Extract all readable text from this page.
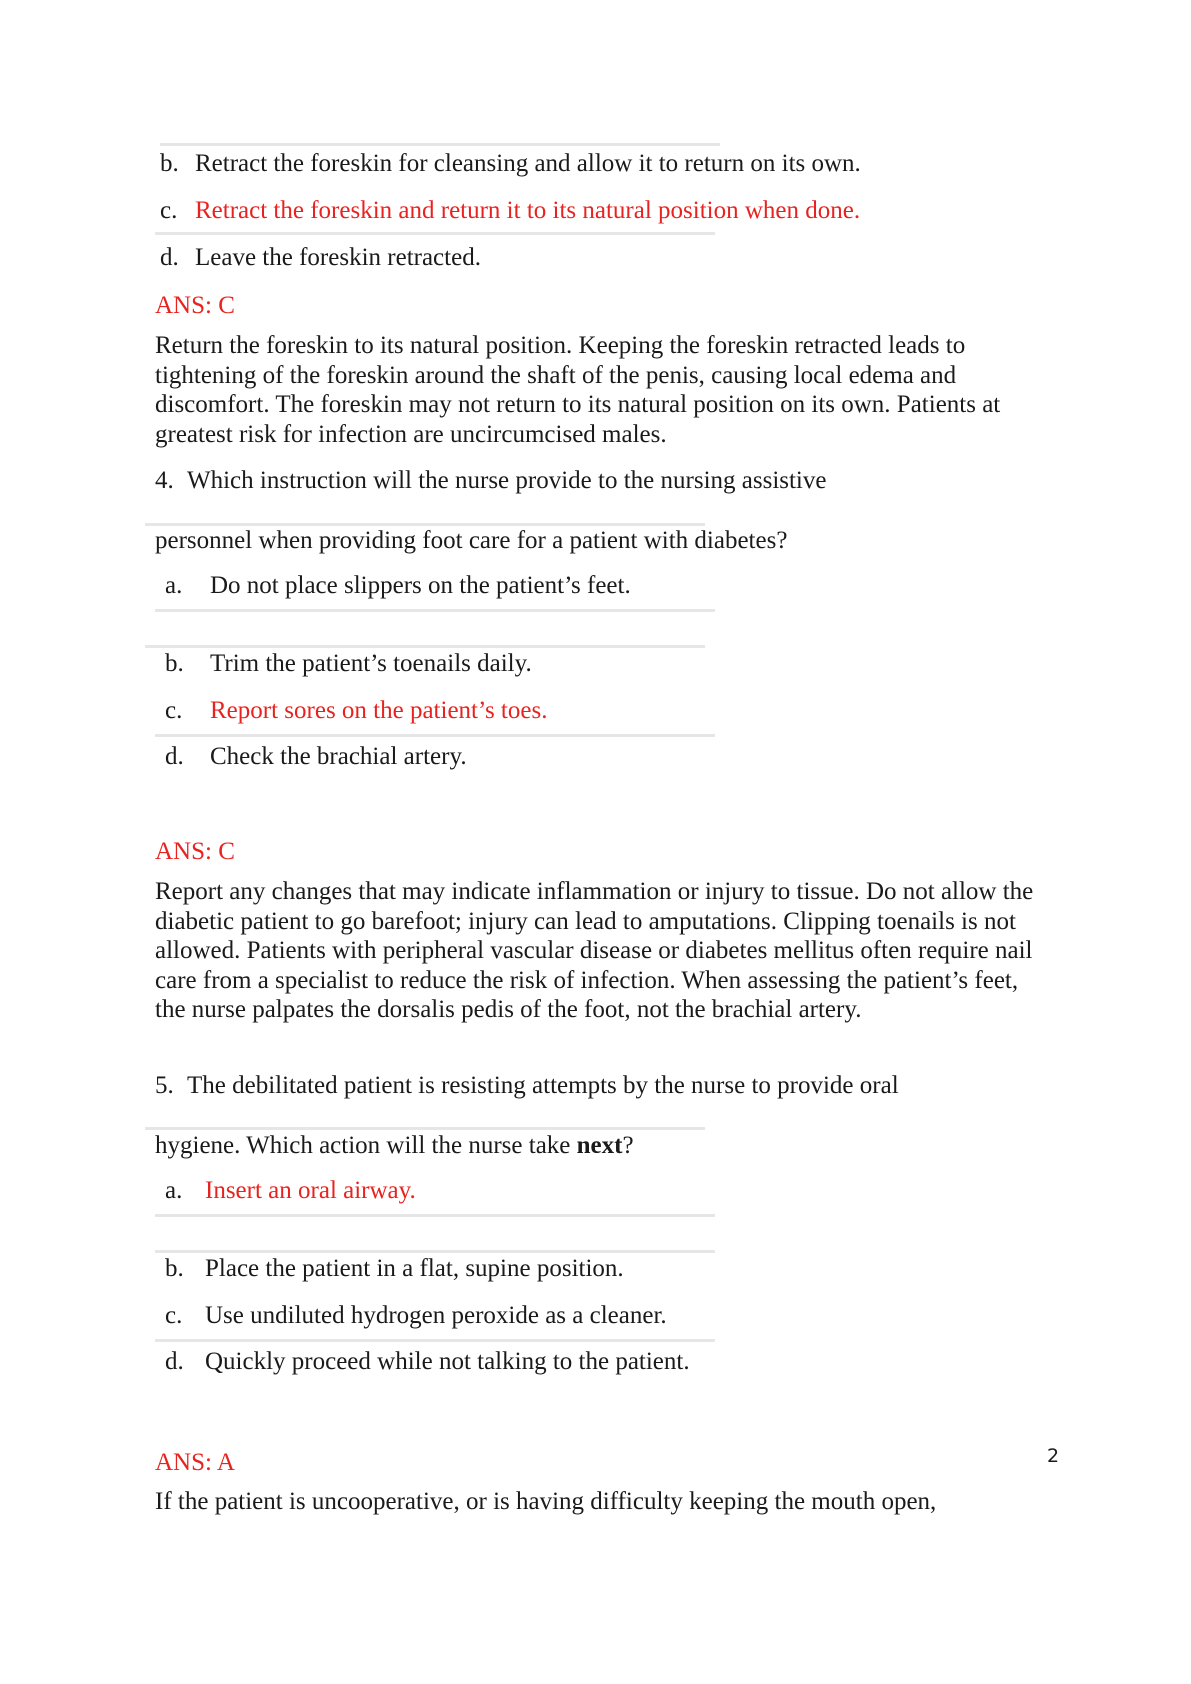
b. Retract the foreskin for cleansing and allow it to return on its own.
c. Retract the foreskin and return it to its natural position when done.
d. Leave the foreskin retracted.
ANS: C
Return the foreskin to its natural position. Keeping the foreskin retracted leads to tightening of the foreskin around the shaft of the penis, causing local edema and discomfort. The foreskin may not return to its natural position on its own. Patients at greatest risk for infection are uncircumcised males.
4. Which instruction will the nurse provide to the nursing assistive
personnel when providing foot care for a patient with diabetes?
a. Do not place slippers on the patient’s feet.
b. Trim the patient’s toenails daily.
c. Report sores on the patient’s toes.
d. Check the brachial artery.
ANS: C
Report any changes that may indicate inflammation or injury to tissue. Do not allow the diabetic patient to go barefoot; injury can lead to amputations. Clipping toenails is not allowed. Patients with peripheral vascular disease or diabetes mellitus often require nail care from a specialist to reduce the risk of infection. When assessing the patient’s feet, the nurse palpates the dorsalis pedis of the foot, not the brachial artery.
5. The debilitated patient is resisting attempts by the nurse to provide oral
hygiene. Which action will the nurse take next?
a. Insert an oral airway.
b. Place the patient in a flat, supine position.
c. Use undiluted hydrogen peroxide as a cleaner.
d. Quickly proceed while not talking to the patient.
ANS: A	2
If the patient is uncooperative, or is having difficulty keeping the mouth open,
